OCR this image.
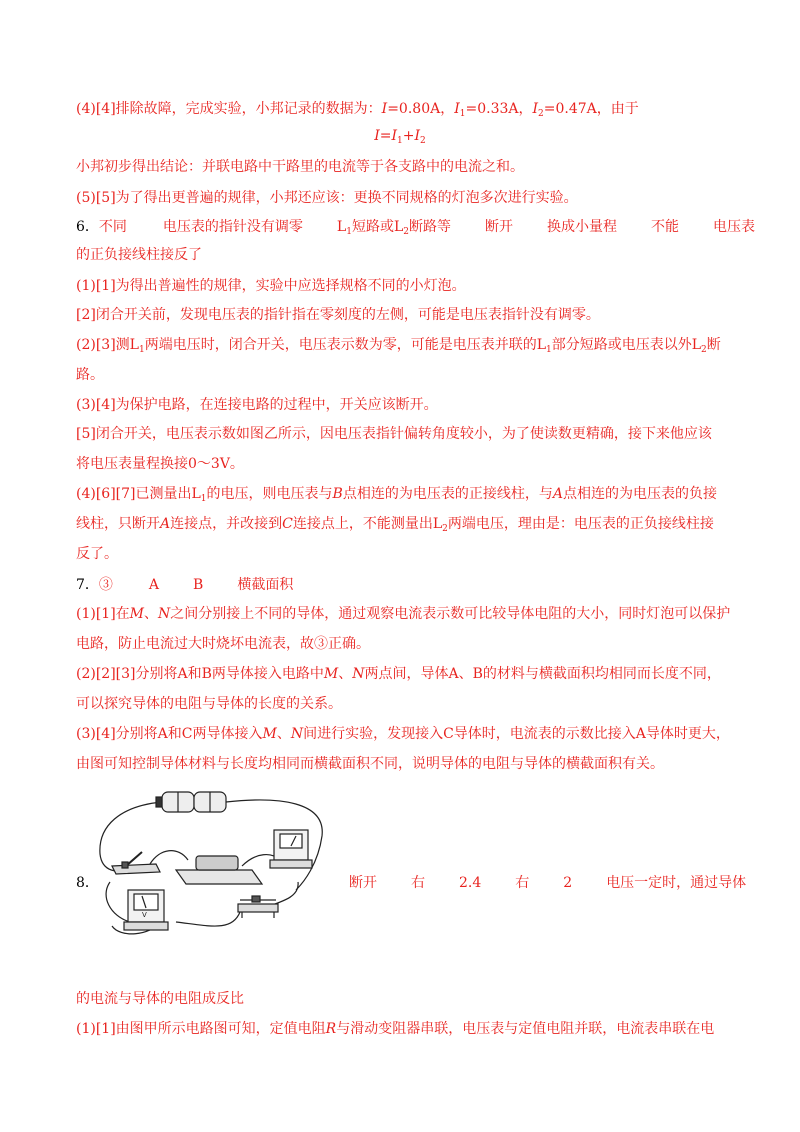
(4)[4]排除故障，完成实验，小邦记录的数据为：I=0.80A，$I_1=0.33A$，$I_2=0.47A$，由于
$I=I_1+I_2$
小邦初步得出结论：并联电路中干路里的电流等于各支路中的电流之和。
(5)[5]为了得出更普遍的规律，小邦还应该：更换不同规格的灯泡多次进行实验。
6．不同	电压表的指针没有调零 $L_1$短路或$L_2$断路等 断开 换成小量程 不能 电压表
的正负接线柱接反了
(1)[1]为得出普遍性的规律，实验中应选择规格不同的小灯泡。
[2]闭合开关前，发现电压表的指针指在零刻度的左侧，可能是电压表指针没有调零。
(2)[3]测$L_1$两端电压时，闭合开关，电压表示数为零，可能是电压表并联的$L_1$部分短路或电压表以外$L_2$断
路。
(3)[4]为保护电路，在连接电路的过程中，开关应该断开。
[5]闭合开关，电压表示数如图乙所示，因电压表指针偏转角度较小，为了使读数更精确，接下来他应该
将电压表量程换接0～3V。
(4)[6][7]已测量出$L_1$的电压，则电压表与B点相连的为电压表的正接线柱，与A点相连的为电压表的负接
线柱，只断开A连接点，并改接到C连接点上，不能测量出$L_2$两端电压，理由是：电压表的正负接线柱接
反了。
7．③	A B 横截面积
(1)[1]在M、N之间分别接上不同的导体，通过观察电流表示数可比较导体电阻的大小，同时灯泡可以保护
电路，防止电流过大时烧坏电流表，故③正确。
(2)[2][3]分别将A和B两导体接入电路中M、N两点间，导体A、B的材料与横截面积均相同而长度不同，
可以探究导体的电阻与导体的长度的关系。
(3)[4]分别将A和C两导体接入M、N间进行实验，发现接入C导体时，电流表的示数比接入A导体时更大，
由图可知控制导体材料与长度均相同而横截面积不同，说明导体的电阻与导体的横截面积有关。
V
8．	断开 右 2.4 右 2 电压一定时，通过导体
的电流与导体的电阻成反比
(1)[1]由图甲所示电路图可知，定值电阻R与滑动变阻器串联，电压表与定值电阻并联，电流表串联在电
